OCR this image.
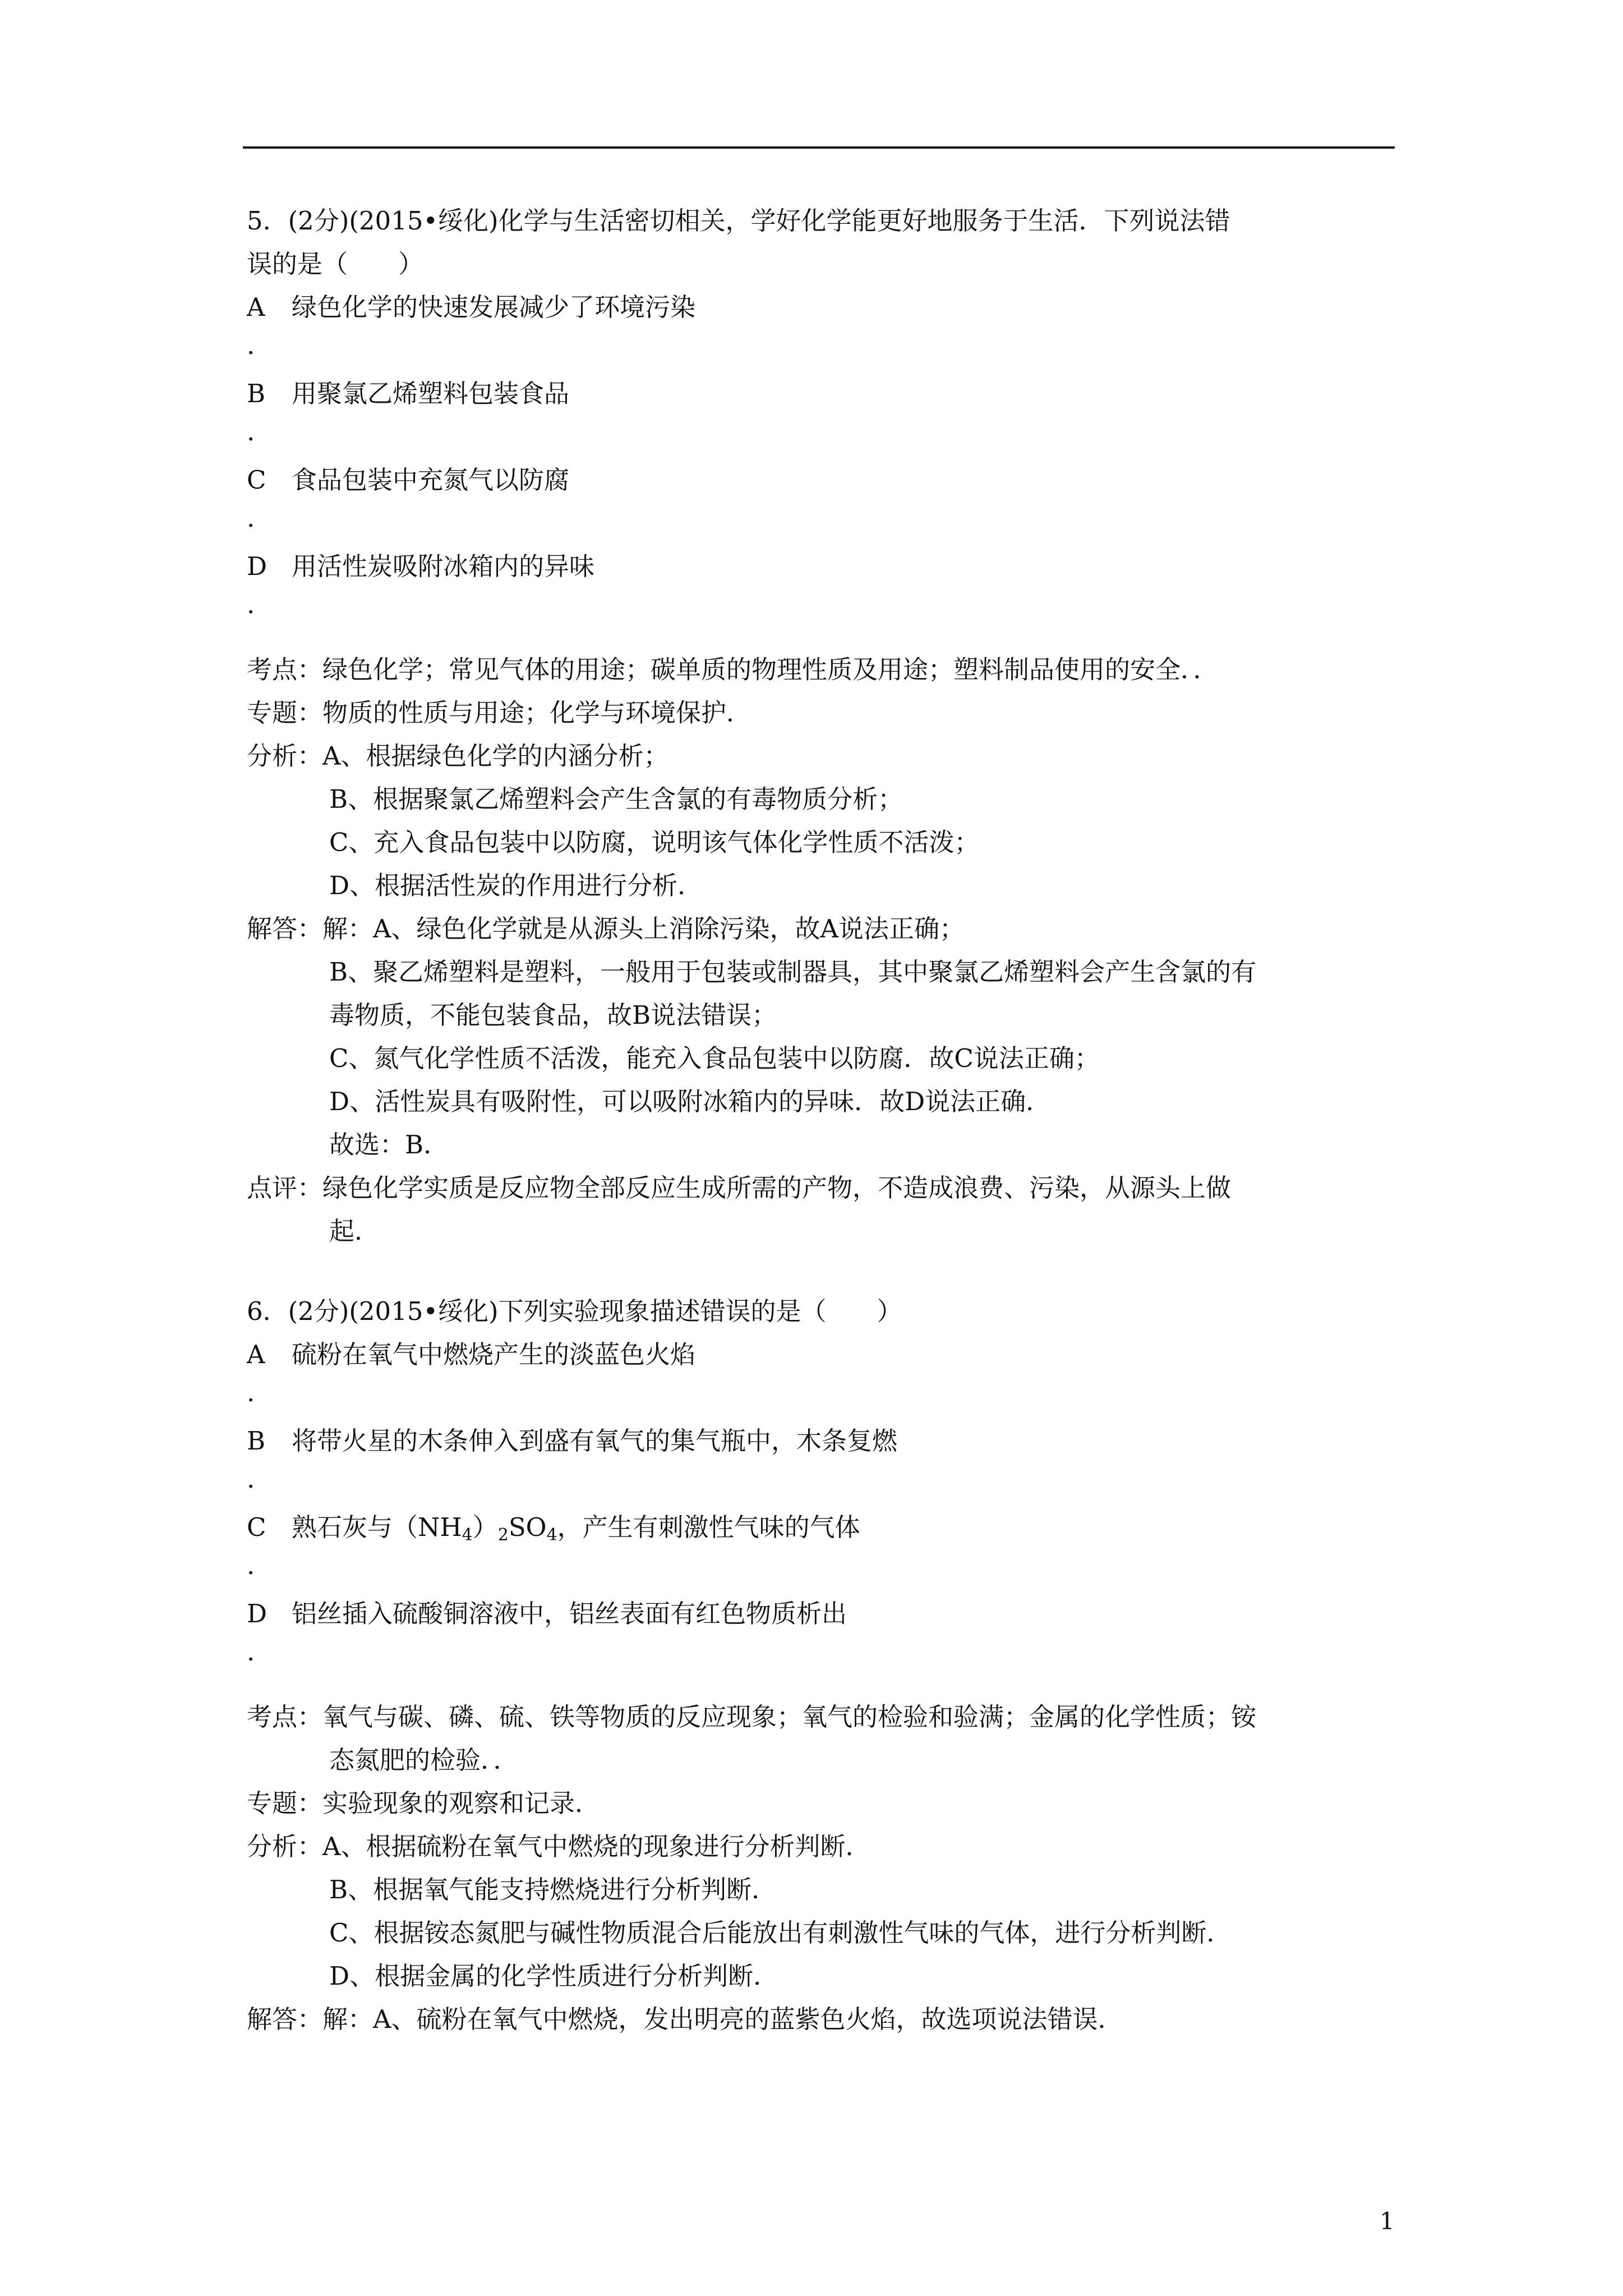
5．(2分)(2015•绥化)化学与生活密切相关，学好化学能更好地服务于生活．下列说法错
误的是（　　）
A 绿色化学的快速发展减少了环境污染
.
B 用聚氯乙烯塑料包装食品
.
C 食品包装中充氮气以防腐
.
D 用活性炭吸附冰箱内的异味
.
考点：绿色化学；常见气体的用途；碳单质的物理性质及用途；塑料制品使用的安全．．
专题：物质的性质与用途；化学与环境保护．
分析：A、根据绿色化学的内涵分析；
B、根据聚氯乙烯塑料会产生含氯的有毒物质分析；
C、充入食品包装中以防腐，说明该气体化学性质不活泼；
D、根据活性炭的作用进行分析．
解答：解：A、绿色化学就是从源头上消除污染，故A说法正确；
B、聚乙烯塑料是塑料，一般用于包装或制器具，其中聚氯乙烯塑料会产生含氯的有
毒物质，不能包装食品，故B说法错误；
C、氮气化学性质不活泼，能充入食品包装中以防腐．故C说法正确；
D、活性炭具有吸附性，可以吸附冰箱内的异味．故D说法正确．
故选：B．
点评：绿色化学实质是反应物全部反应生成所需的产物，不造成浪费、污染，从源头上做
起．
6．(2分)(2015•绥化)下列实验现象描述错误的是（　　）
A 硫粉在氧气中燃烧产生的淡蓝色火焰
.
B 将带火星的木条伸入到盛有氧气的集气瓶中，木条复燃
.
C 熟石灰与$(NH_4)_2SO_4$，产生有刺激性气味的气体
.
D 铝丝插入硫酸铜溶液中，铝丝表面有红色物质析出
.
考点：氧气与碳、磷、硫、铁等物质的反应现象；氧气的检验和验满；金属的化学性质；铵
态氮肥的检验．．
专题：实验现象的观察和记录．
分析：A、根据硫粉在氧气中燃烧的现象进行分析判断．
B、根据氧气能支持燃烧进行分析判断．
C、根据铵态氮肥与碱性物质混合后能放出有刺激性气味的气体，进行分析判断．
D、根据金属的化学性质进行分析判断．
解答：解：A、硫粉在氧气中燃烧，发出明亮的蓝紫色火焰，故选项说法错误．
1
